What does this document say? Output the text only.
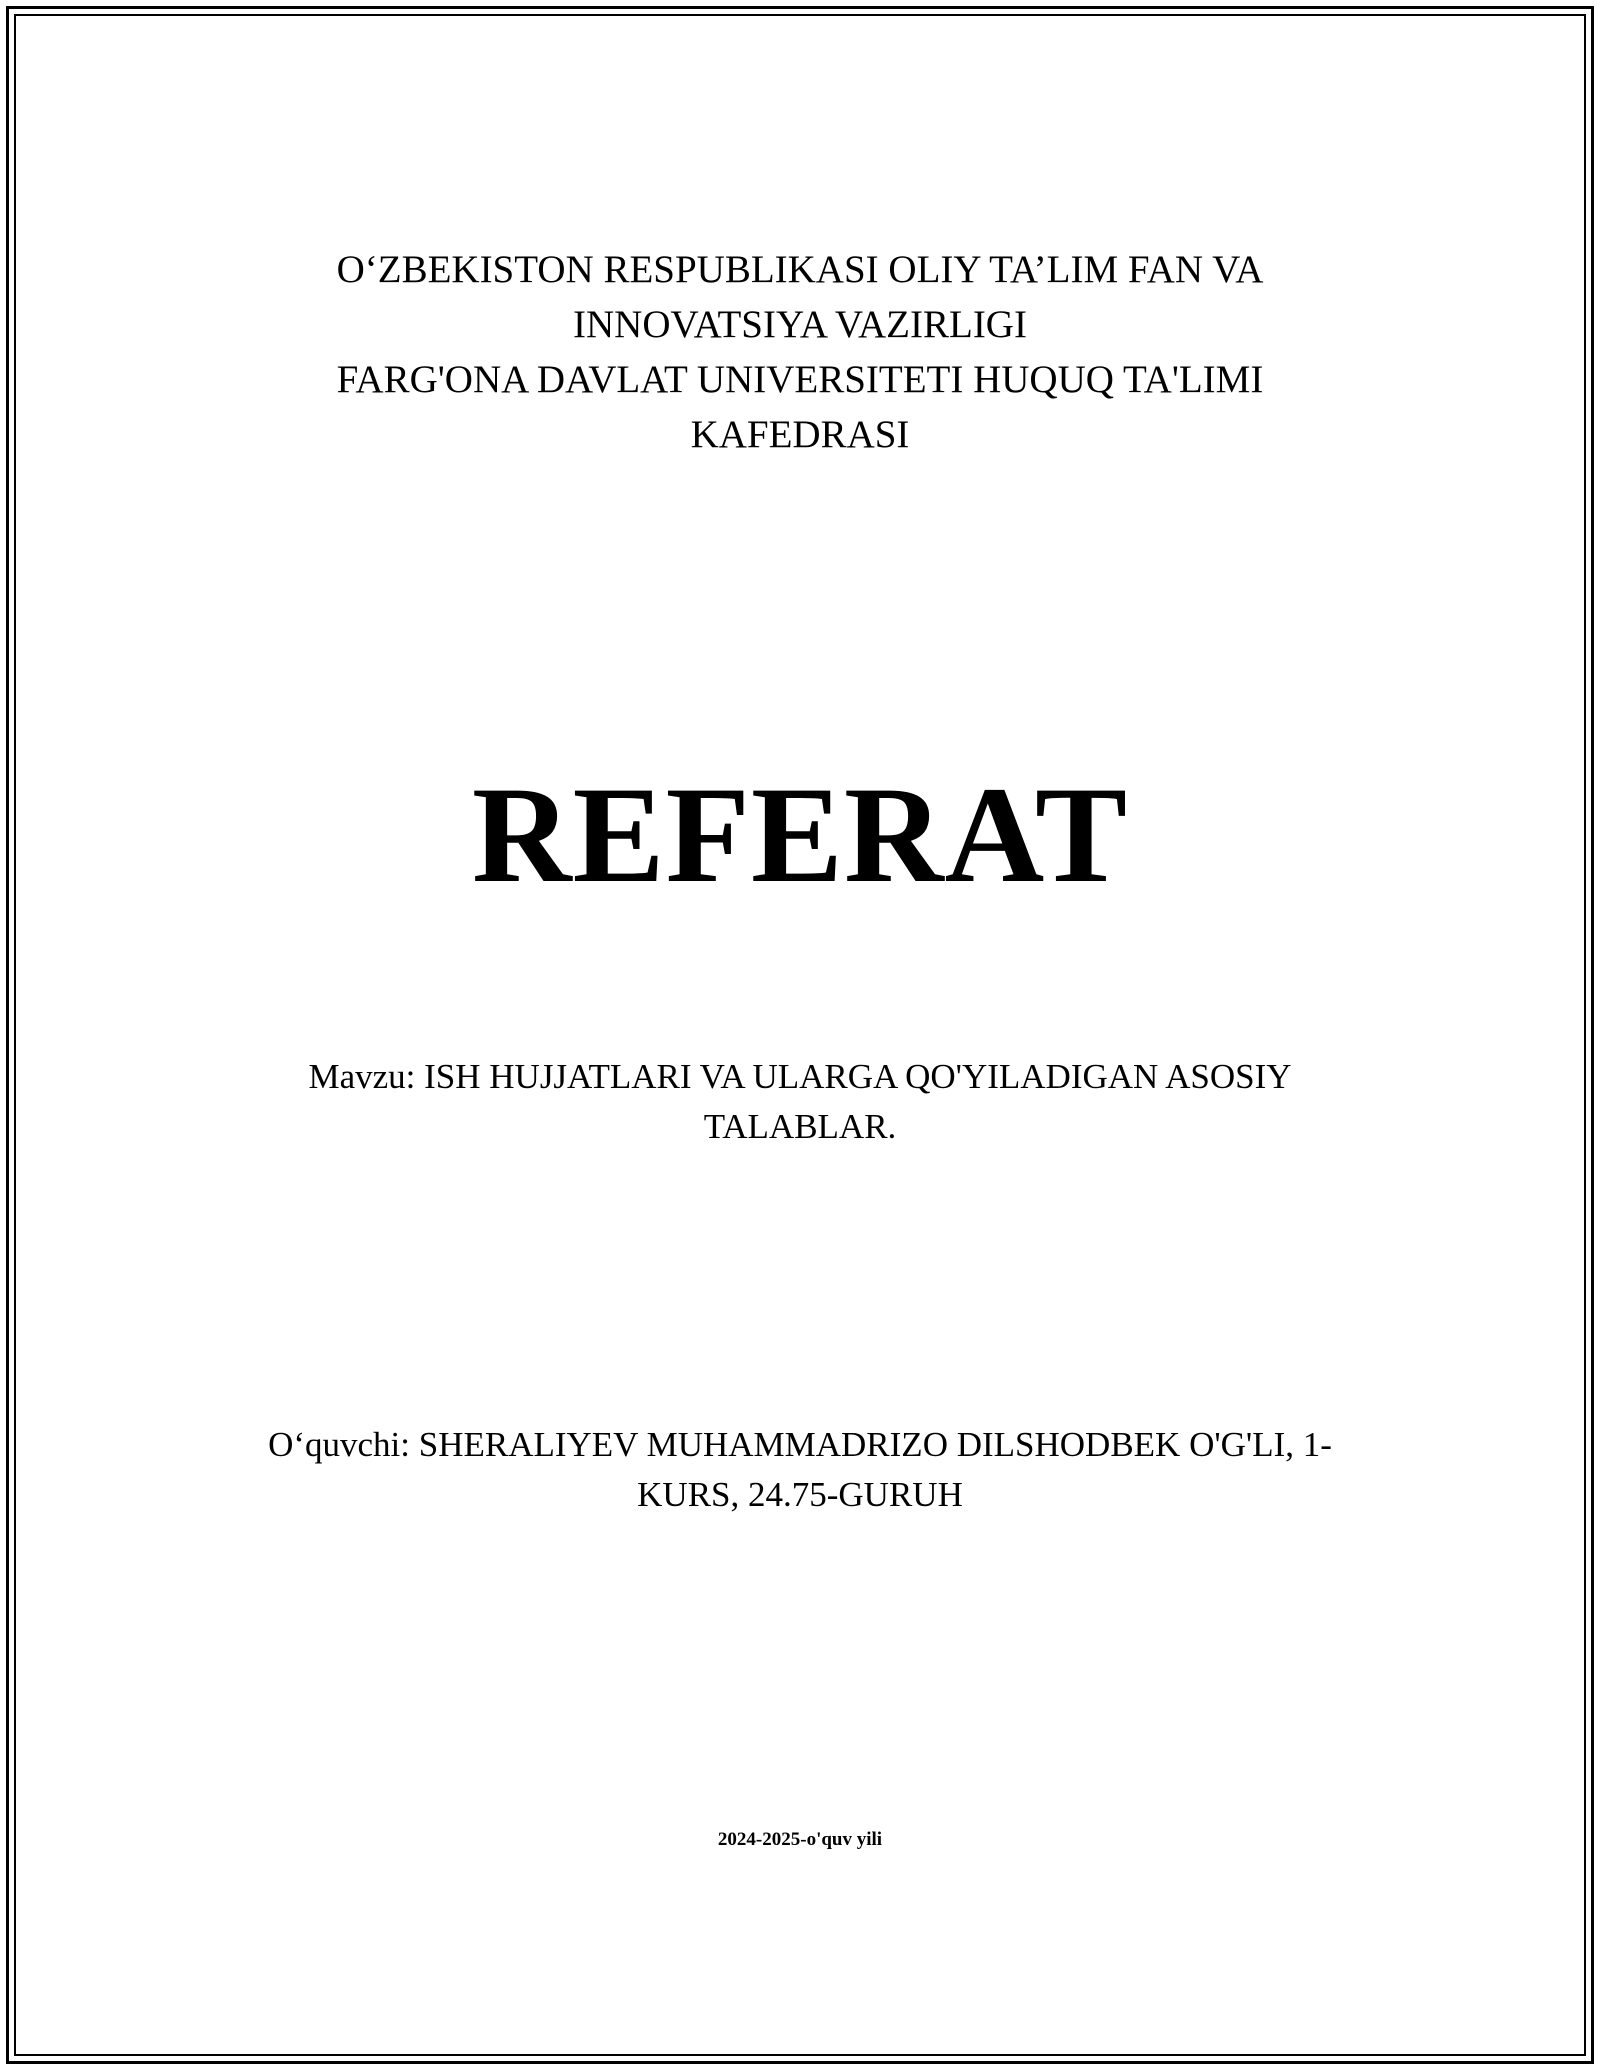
O‘ZBEKISTON RESPUBLIKASI OLIY TA’LIM FAN VA
INNOVATSIYA VAZIRLIGI
FARG'ONA DAVLAT UNIVERSITETI HUQUQ TA'LIMI
KAFEDRASI
REFERAT
Mavzu: ISH HUJJATLARI VA ULARGA QO'YILADIGAN ASOSIY
TALABLAR.
O‘quvchi: SHERALIYEV MUHAMMADRIZO DILSHODBEK O'G'LI, 1-
KURS, 24.75-GURUH
2024-2025-o'quv yili
